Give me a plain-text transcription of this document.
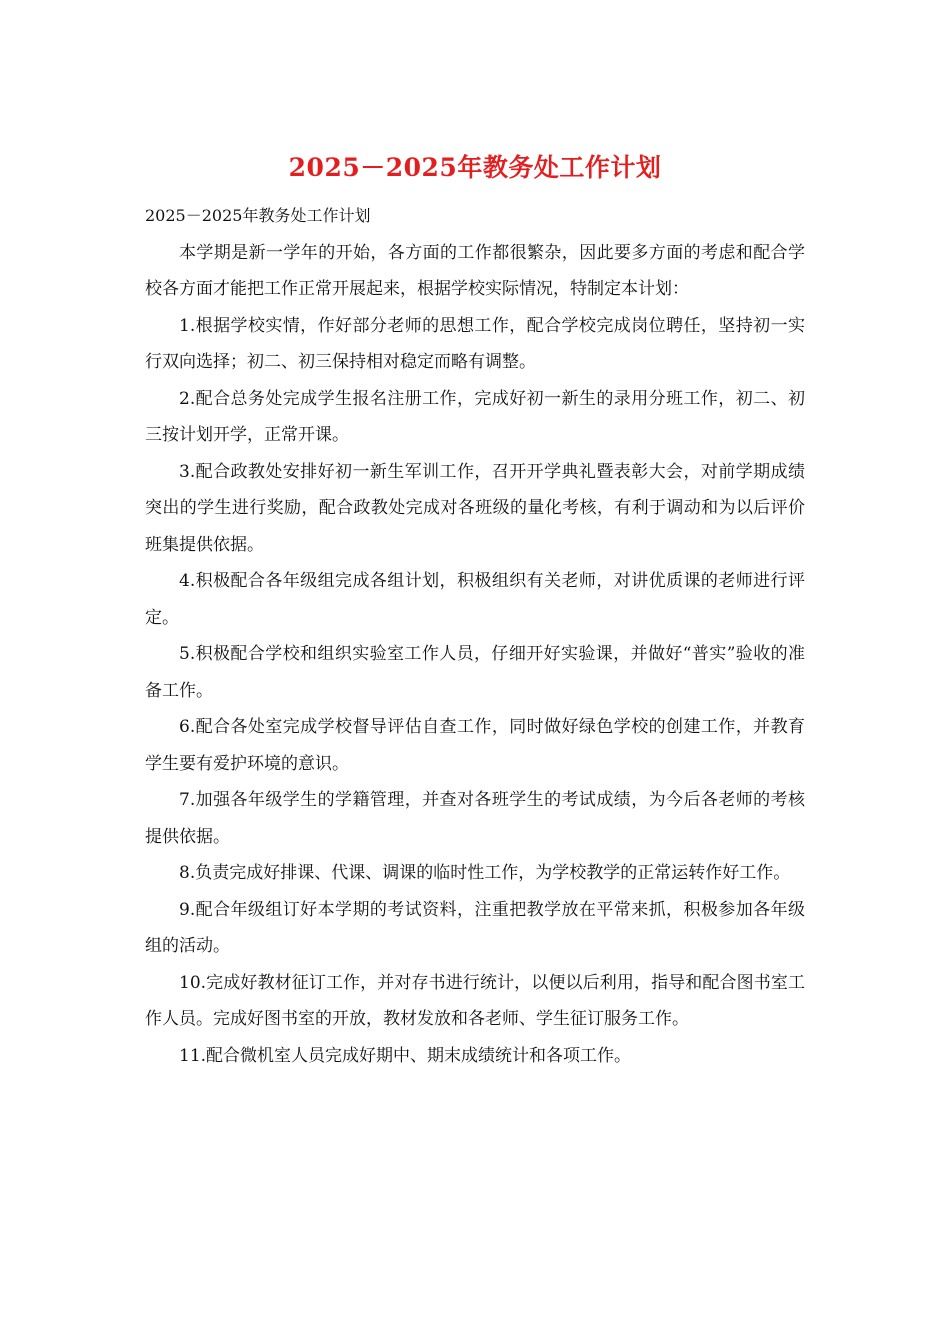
2025－2025年教务处工作计划

2025－2025年教务处工作计划

本学期是新一学年的开始，各方面的工作都很繁杂，因此要多方面的考虑和配合学校各方面才能把工作正常开展起来，根据学校实际情况，特制定本计划：

1.根据学校实情，作好部分老师的思想工作，配合学校完成岗位聘任，坚持初一实行双向选择；初二、初三保持相对稳定而略有调整。

2.配合总务处完成学生报名注册工作，完成好初一新生的录用分班工作，初二、初三按计划开学，正常开课。

3.配合政教处安排好初一新生军训工作，召开开学典礼暨表彰大会，对前学期成绩突出的学生进行奖励，配合政教处完成对各班级的量化考核，有利于调动和为以后评价班集提供依据。

4.积极配合各年级组完成各组计划，积极组织有关老师，对讲优质课的老师进行评定。

5.积极配合学校和组织实验室工作人员，仔细开好实验课，并做好“普实”验收的准备工作。

6.配合各处室完成学校督导评估自查工作，同时做好绿色学校的创建工作，并教育学生要有爱护环境的意识。

7.加强各年级学生的学籍管理，并查对各班学生的考试成绩，为今后各老师的考核提供依据。

8.负责完成好排课、代课、调课的临时性工作，为学校教学的正常运转作好工作。

9.配合年级组订好本学期的考试资料，注重把教学放在平常来抓，积极参加各年级组的活动。

10.完成好教材征订工作，并对存书进行统计，以便以后利用，指导和配合图书室工作人员。完成好图书室的开放，教材发放和各老师、学生征订服务工作。

11.配合微机室人员完成好期中、期末成绩统计和各项工作。
